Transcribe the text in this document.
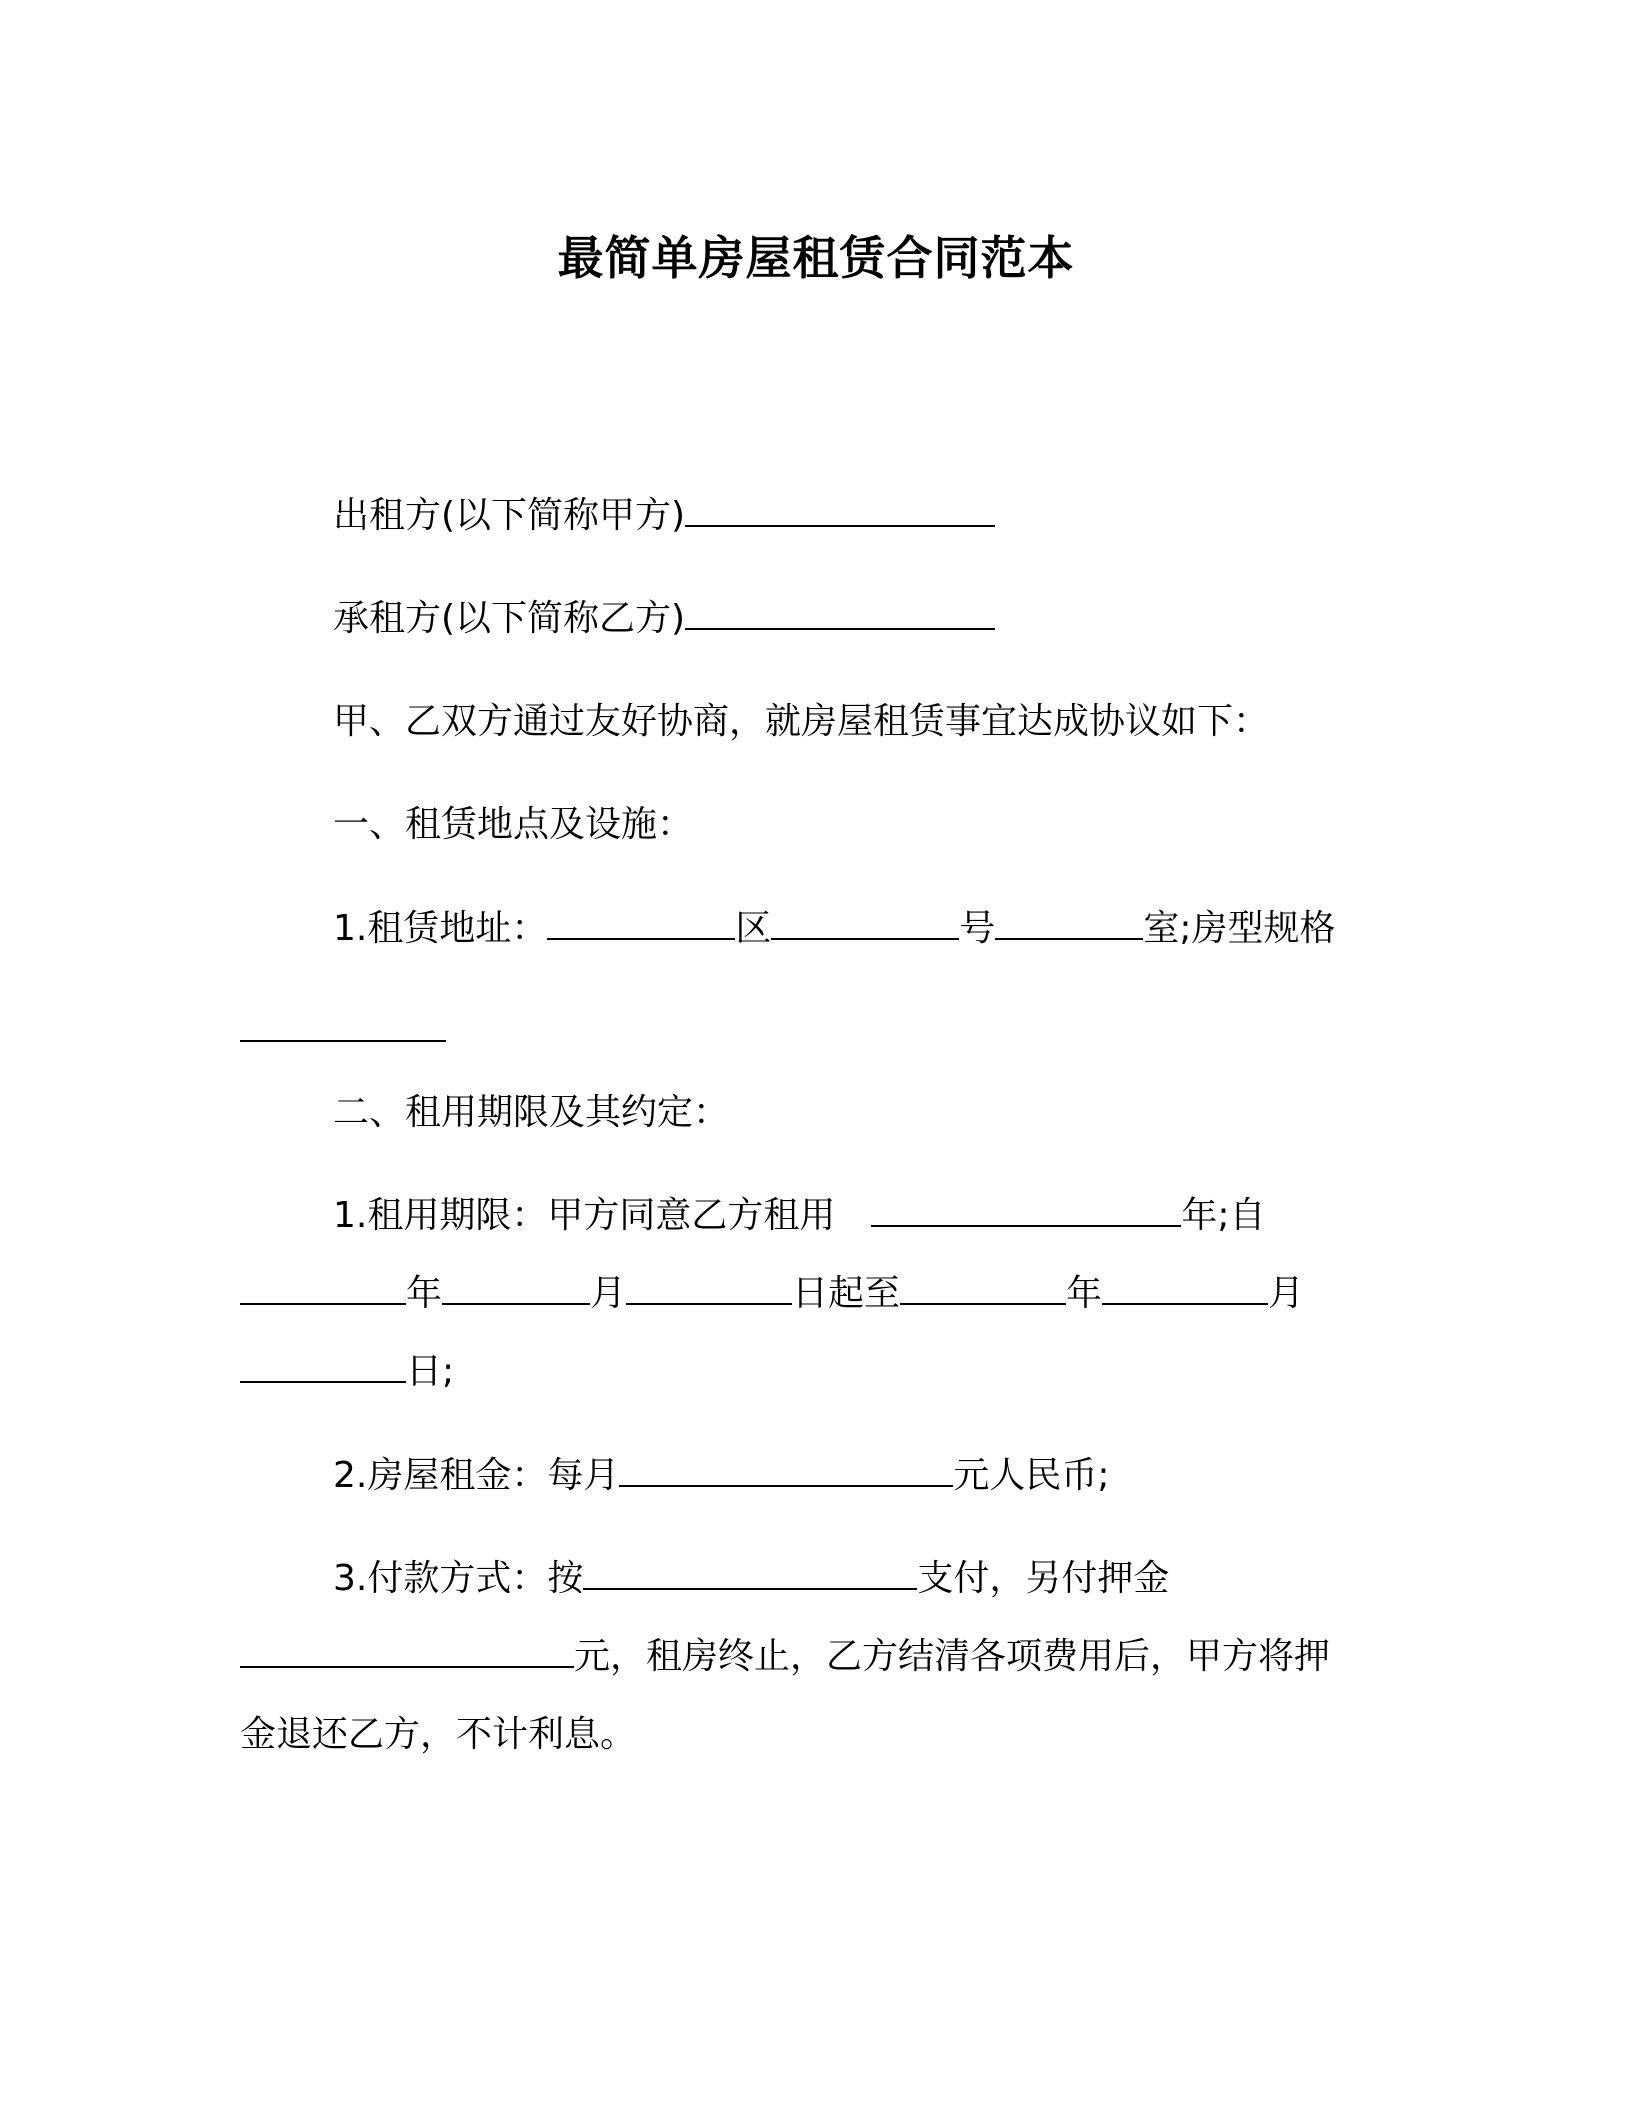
最简单房屋租赁合同范本
出租方(以下简称甲方)
承租方(以下简称乙方)
甲、乙双方通过友好协商，就房屋租赁事宜达成协议如下：
一、租赁地点及设施：
1.租赁地址：	区	号	室;房型规格
二、租用期限及其约定：
1.租用期限：甲方同意乙方租用	年;自
年	月	日起至	年	月
日;
2.房屋租金：每月	元人民币;
3.付款方式：按	支付，另付押金
元，租房终止，乙方结清各项费用后，甲方将押
金退还乙方，不计利息。
